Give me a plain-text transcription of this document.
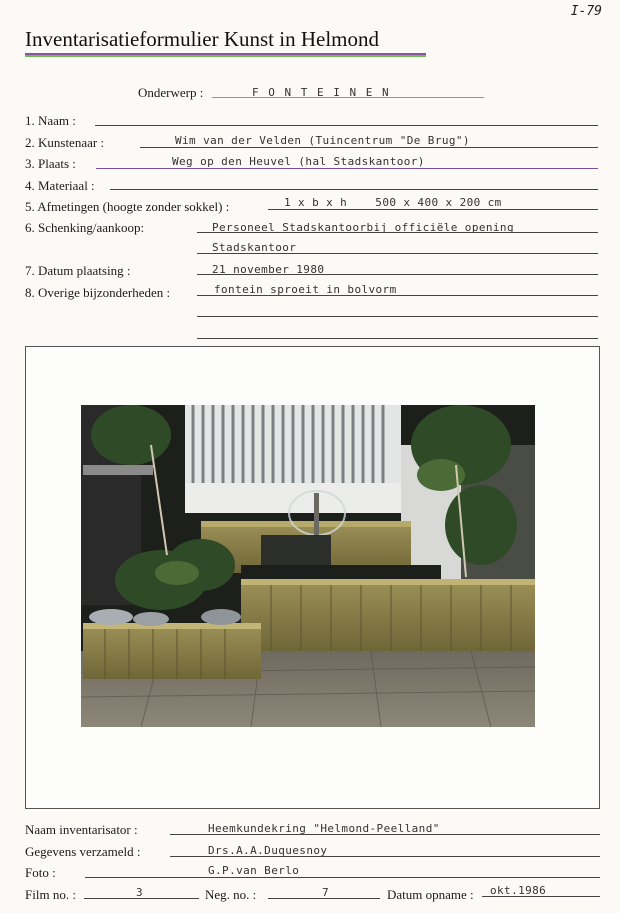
I-79
Inventarisatieformulier Kunst in Helmond
Onderwerp :	F O N T E I N E N
1. Naam :
2. Kunstenaar :	Wim van der Velden (Tuincentrum "De Brug")
3. Plaats :	Weg op den Heuvel (hal Stadskantoor)
4. Materiaal :
5. Afmetingen (hoogte zonder sokkel) :	1 x b x h    500 x 400 x 200 cm
6. Schenking/aankoop:	Personeel Stadskantoorbij officiële opening
Stadskantoor
7. Datum plaatsing :	21 november 1980
8. Overige bijzonderheden :	fontein sproeit in bolvorm
Naam inventarisator :	Heemkundekring "Helmond-Peelland"
Gegevens verzameld :	Drs.A.A.Duquesnoy
Foto :	G.P.van Berlo
Film no. :	3	Neg. no. :	7	Datum opname : okt.1986
